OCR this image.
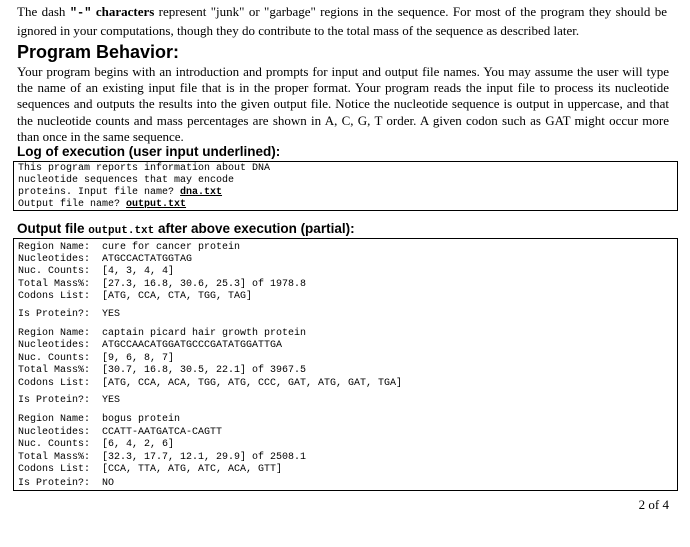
The dash "-" characters represent "junk" or "garbage" regions in the sequence. For most of the program they should be ignored in your computations, though they do contribute to the total mass of the sequence as described later.
Program Behavior:
Your program begins with an introduction and prompts for input and output file names. You may assume the user will type the name of an existing input file that is in the proper format. Your program reads the input file to process its nucleotide sequences and outputs the results into the given output file. Notice the nucleotide sequence is output in uppercase, and that the nucleotide counts and mass percentages are shown in A, C, G, T order. A given codon such as GAT might occur more than once in the same sequence.
Log of execution (user input underlined):
This program reports information about DNA
nucleotide sequences that may encode
proteins. Input file name? dna.txt
Output file name? output.txt
Output file output.txt after above execution (partial):
Region Name: cure for cancer protein
Nucleotides: ATGCCACTATGGTAG
Nuc. Counts: [4, 3, 4, 4]
Total Mass%: [27.3, 16.8, 30.6, 25.3] of 1978.8
Codons List: [ATG, CCA, CTA, TGG, TAG]
Is Protein?: YES
Region Name: captain picard hair growth protein
Nucleotides: ATGCCAACATGGATGCCCGATATGGATTGA
Nuc. Counts: [9, 6, 8, 7]
Total Mass%: [30.7, 16.8, 30.5, 22.1] of 3967.5
Codons List: [ATG, CCA, ACA, TGG, ATG, CCC, GAT, ATG, GAT, TGA]
Is Protein?: YES
Region Name: bogus protein
Nucleotides: CCATT-AATGATCA-CAGTT
Nuc. Counts: [6, 4, 2, 6]
Total Mass%: [32.3, 17.7, 12.1, 29.9] of 2508.1
Codons List: [CCA, TTA, ATG, ATC, ACA, GTT]
Is Protein?: NO
2 of 4
